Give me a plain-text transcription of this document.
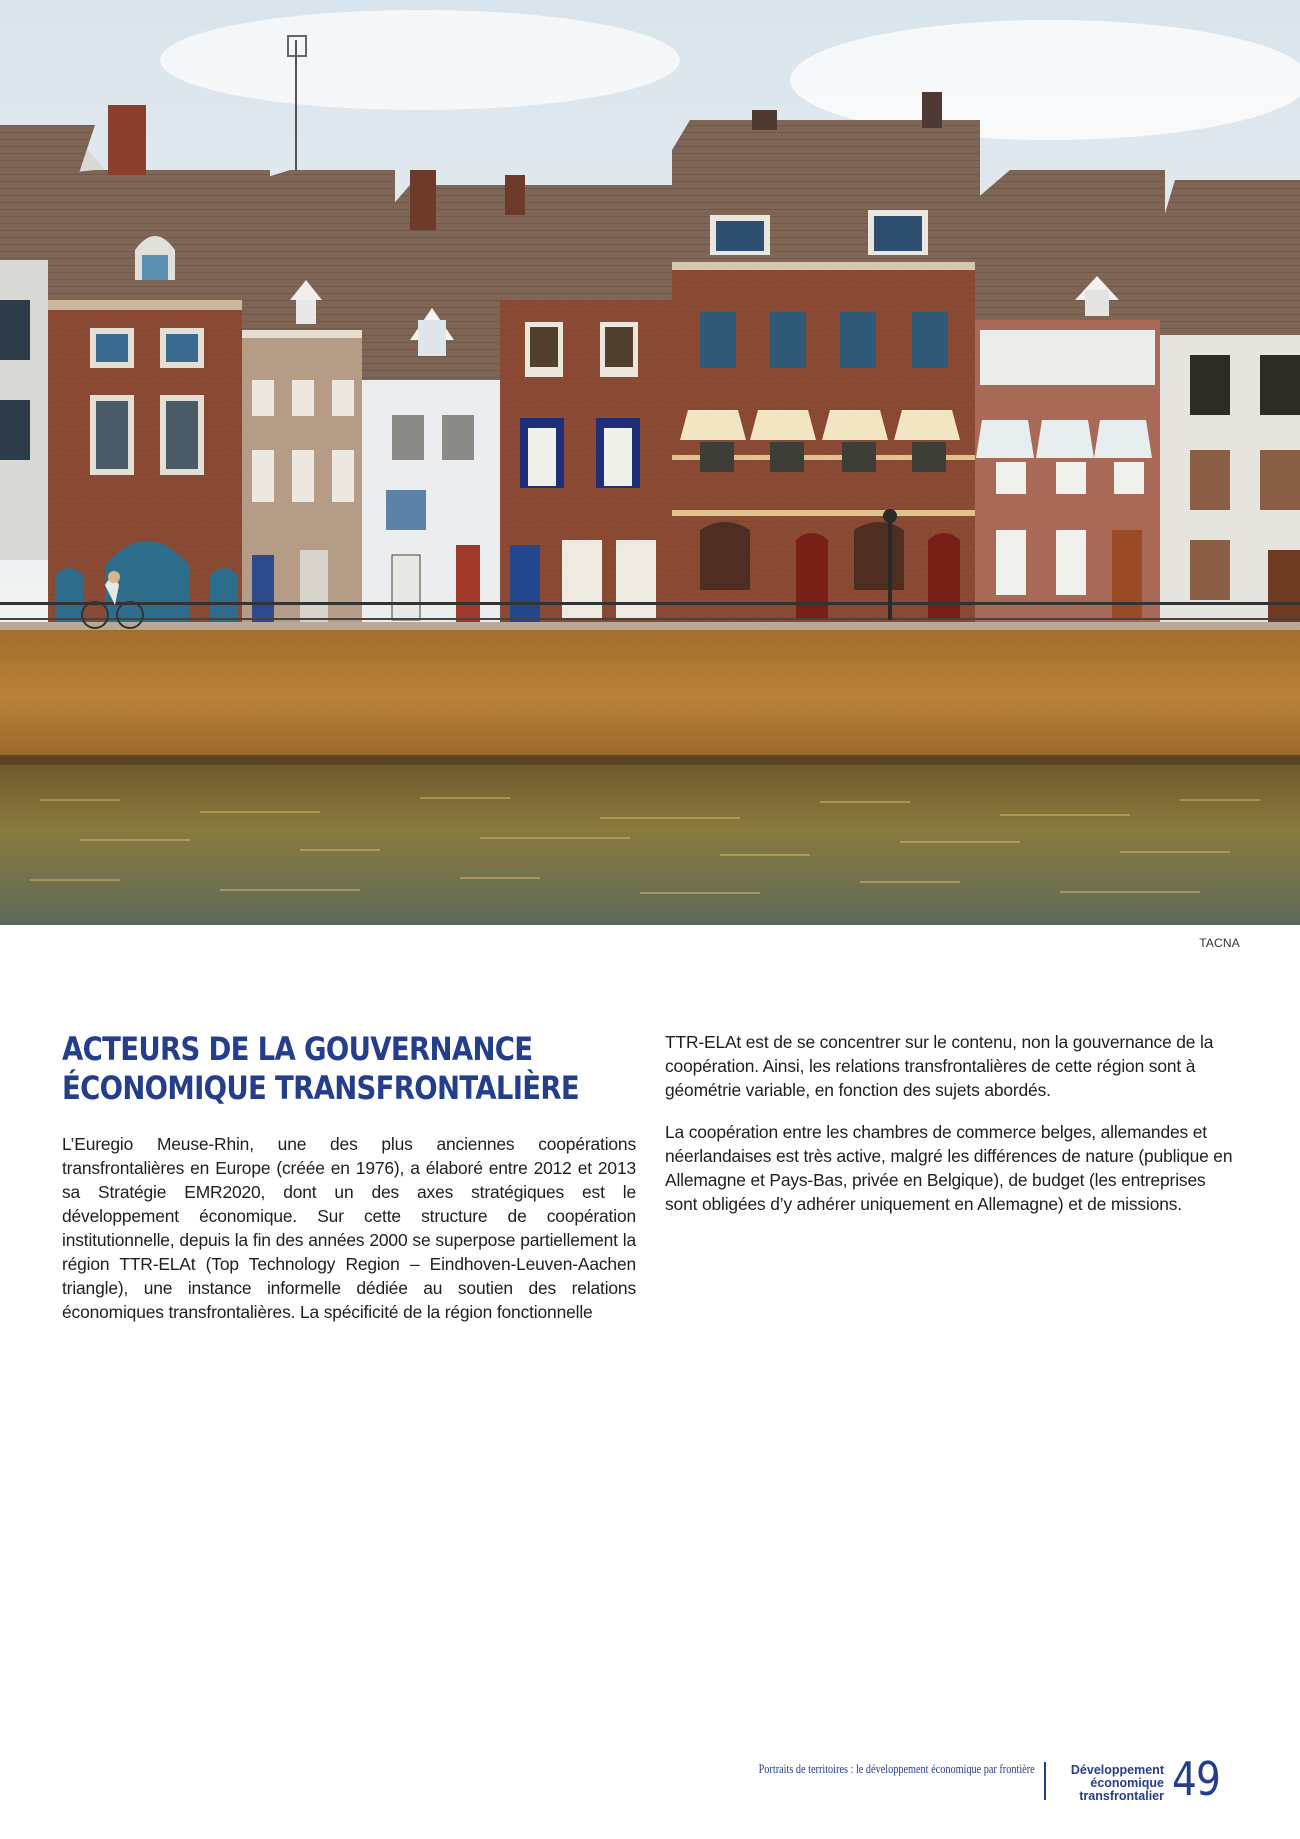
TACNA
ACTEURS DE LA GOUVERNANCE
ÉCONOMIQUE TRANSFRONTALIÈRE

L’Euregio Meuse-Rhin, une des plus anciennes coopérations transfrontalières en Europe (créée en 1976), a élaboré entre 2012 et 2013 sa Stratégie EMR2020, dont un des axes stratégiques est le développement économique. Sur cette structure de coopération institutionnelle, depuis la fin des années 2000 se superpose partiellement la région TTR-ELAt (Top Technology Region – Eindhoven-Leuven-Aachen triangle), une instance informelle dédiée au soutien des relations économiques transfrontalières. La spécificité de la région fonctionnelle

TTR-ELAt est de se concentrer sur le contenu, non la gouvernance de la coopération. Ainsi, les relations transfrontalières de cette région sont à géométrie variable, en fonction des sujets abordés.

La coopération entre les chambres de commerce belges, allemandes et néerlandaises est très active, malgré les différences de nature (publique en Allemagne et Pays-Bas, privée en Belgique), de budget (les entreprises sont obligées d’y adhérer uniquement en Allemagne) et de missions.

Portraits de territoires : le développement économique par frontière	Développement
économique
transfrontalier 49
